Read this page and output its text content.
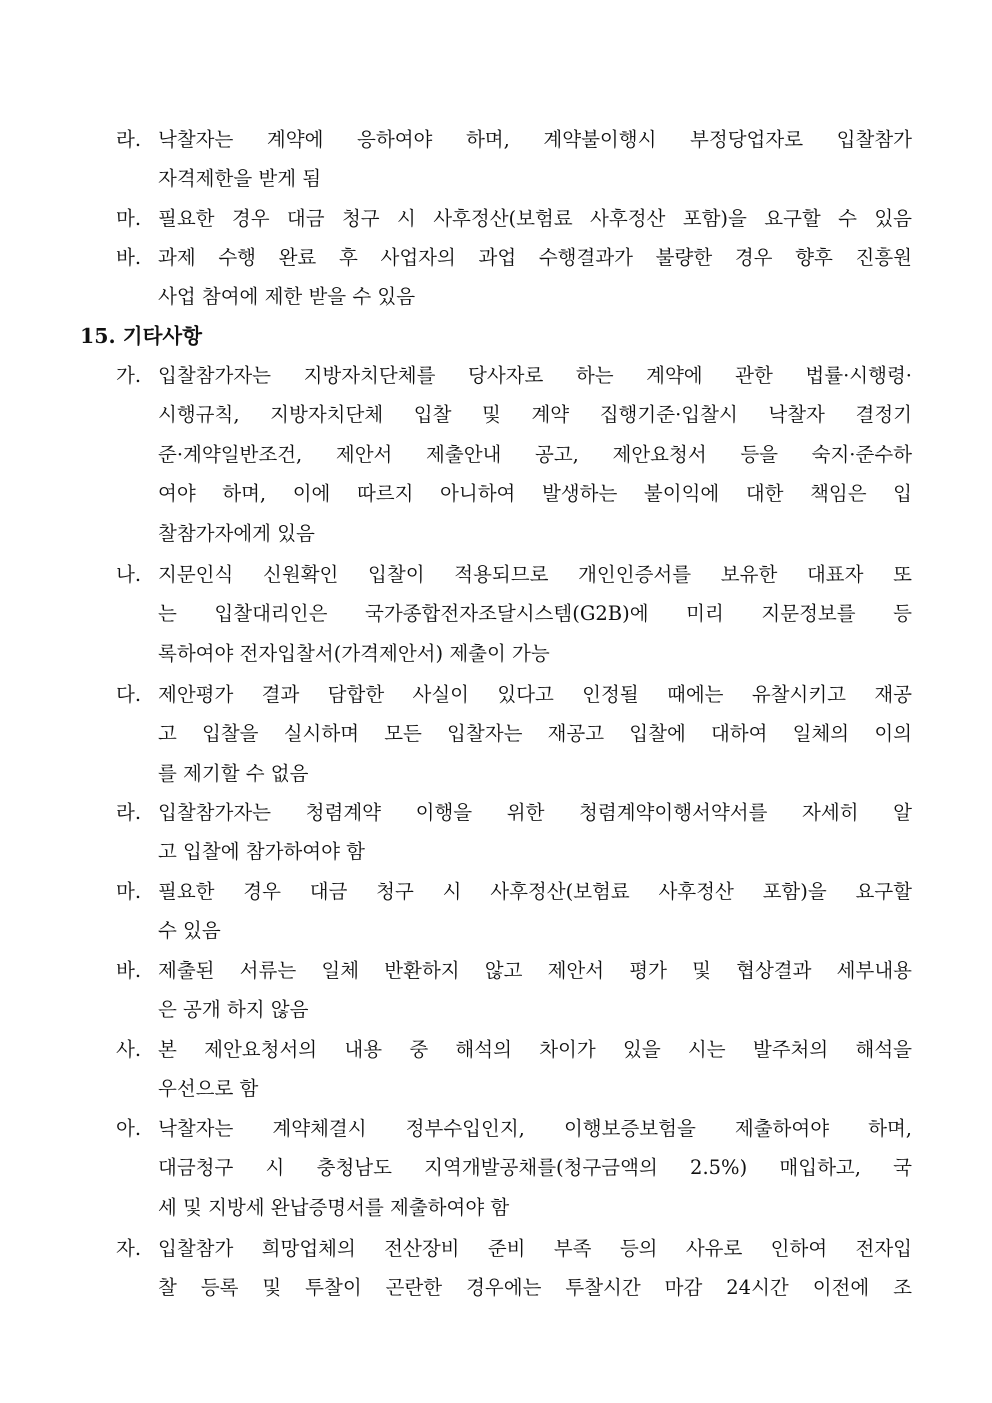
라. 낙찰자는 계약에 응하여야 하며, 계약불이행시 부정당업자로 입찰참가
자격제한을 받게 됨
마. 필요한 경우 대금 청구 시 사후정산(보험료 사후정산 포함)을 요구할 수 있음
바. 과제 수행 완료 후 사업자의 과업 수행결과가 불량한 경우 향후 진흥원
사업 참여에 제한 받을 수 있음
15. 기타사항
가. 입찰참가자는 지방자치단체를 당사자로 하는 계약에 관한 법률·시행령·
시행규칙, 지방자치단체 입찰 및 계약 집행기준·입찰시 낙찰자 결정기
준·계약일반조건, 제안서 제출안내 공고, 제안요청서 등을 숙지·준수하
여야 하며, 이에 따르지 아니하여 발생하는 불이익에 대한 책임은 입
찰참가자에게 있음
나. 지문인식 신원확인 입찰이 적용되므로 개인인증서를 보유한 대표자 또
는 입찰대리인은 국가종합전자조달시스템(G2B)에 미리 지문정보를 등
록하여야 전자입찰서(가격제안서) 제출이 가능
다. 제안평가 결과 담합한 사실이 있다고 인정될 때에는 유찰시키고 재공
고 입찰을 실시하며 모든 입찰자는 재공고 입찰에 대하여 일체의 이의
를 제기할 수 없음
라. 입찰참가자는 청렴계약 이행을 위한 청렴계약이행서약서를 자세히 알
고 입찰에 참가하여야 함
마. 필요한 경우 대금 청구 시 사후정산(보험료 사후정산 포함)을 요구할
수 있음
바. 제출된 서류는 일체 반환하지 않고 제안서 평가 및 협상결과 세부내용
은 공개 하지 않음
사. 본 제안요청서의 내용 중 해석의 차이가 있을 시는 발주처의 해석을
우선으로 함
아. 낙찰자는 계약체결시 정부수입인지, 이행보증보험을 제출하여야 하며,
대금청구 시 충청남도 지역개발공채를(청구금액의 2.5%) 매입하고, 국
세 및 지방세 완납증명서를 제출하여야 함
자. 입찰참가 희망업체의 전산장비 준비 부족 등의 사유로 인하여 전자입
찰 등록 및 투찰이 곤란한 경우에는 투찰시간 마감 24시간 이전에 조
